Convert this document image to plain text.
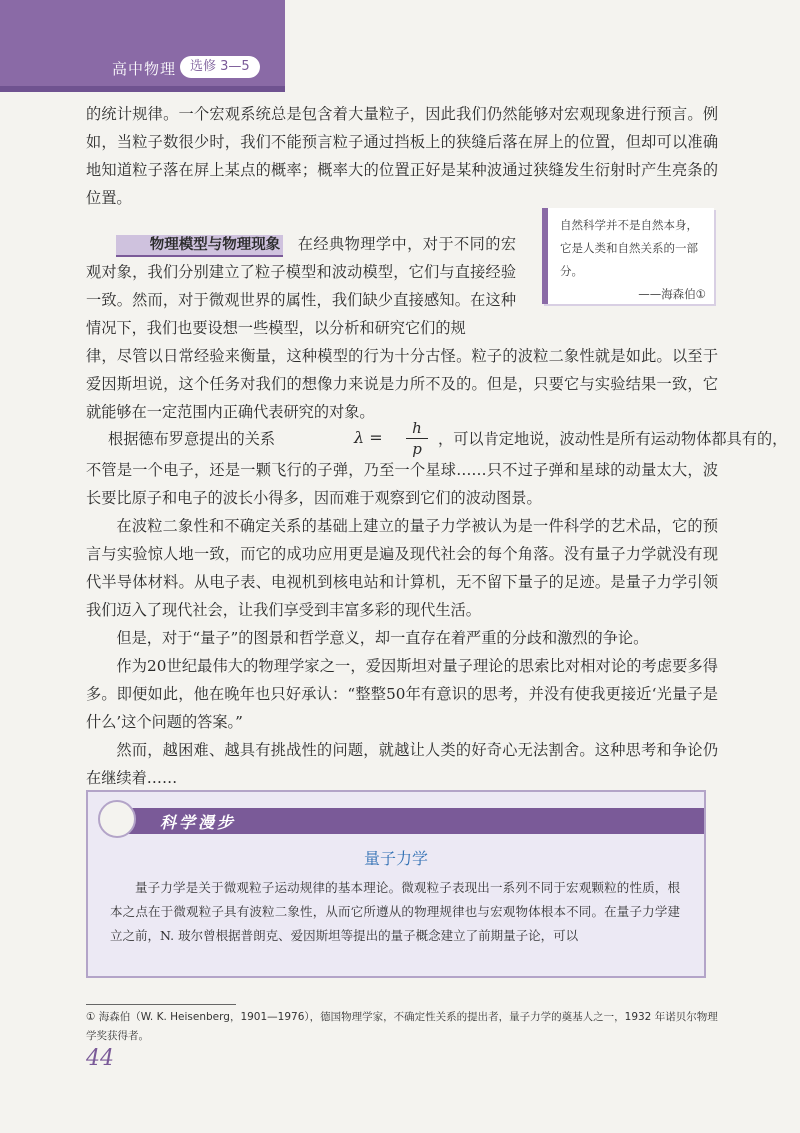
高中物理	选修 3—5

的统计规律。一个宏观系统总是包含着大量粒子，因此我们仍然能够对宏观现象进行预言。例如，当粒子数很少时，我们不能预言粒子通过挡板上的狭缝后落在屏上的位置，但却可以准确地知道粒子落在屏上某点的概率；概率大的位置正好是某种波通过狭缝发生衍射时产生亮条的位置。

物理模型与物理现象 在经典物理学中，对于不同的宏观对象，我们分别建立了粒子模型和波动模型，它们与直接经验一致。然而，对于微观世界的属性，我们缺少直接感知。在这种情况下，我们也要设想一些模型，以分析和研究它们的规
自然科学并不是自然本身，它是人类和自然关系的一部分。
——海森伯①

律，尽管以日常经验来衡量，这种模型的行为十分古怪。粒子的波粒二象性就是如此。以至于爱因斯坦说，这个任务对我们的想像力来说是力所不及的。但是，只要它与实验结果一致，它就能够在一定范围内正确代表研究的对象。

根据德布罗意提出的关系	$\lambda = \frac{h}{p}$ ，可以肯定地说，波动性是所有运动物体都具有的，

不管是一个电子，还是一颗飞行的子弹，乃至一个星球……只不过子弹和星球的动量太大，波长要比原子和电子的波长小得多，因而难于观察到它们的波动图景。

在波粒二象性和不确定关系的基础上建立的量子力学被认为是一件科学的艺术品，它的预言与实验惊人地一致，而它的成功应用更是遍及现代社会的每个角落。没有量子力学就没有现代半导体材料。从电子表、电视机到核电站和计算机，无不留下量子的足迹。是量子力学引领我们迈入了现代社会，让我们享受到丰富多彩的现代生活。

但是，对于“量子”的图景和哲学意义，却一直存在着严重的分歧和激烈的争论。

作为20世纪最伟大的物理学家之一，爱因斯坦对量子理论的思索比对相对论的考虑要多得多。即便如此，他在晚年也只好承认：“整整50年有意识的思考，并没有使我更接近‘光量子是什么’这个问题的答案。”

然而，越困难、越具有挑战性的问题，就越让人类的好奇心无法割舍。这种思考和争论仍在继续着……

科学漫步
量子力学
量子力学是关于微观粒子运动规律的基本理论。微观粒子表现出一系列不同于宏观颗粒的性质，根本之点在于微观粒子具有波粒二象性，从而它所遵从的物理规律也与宏观物体根本不同。在量子力学建立之前，N. 玻尔曾根据普朗克、爱因斯坦等提出的量子概念建立了前期量子论，可以
① 海森伯（W. K. Heisenberg，1901—1976），德国物理学家，不确定性关系的提出者，量子力学的奠基人之一，1932 年诺贝尔物理学奖获得者。
44
